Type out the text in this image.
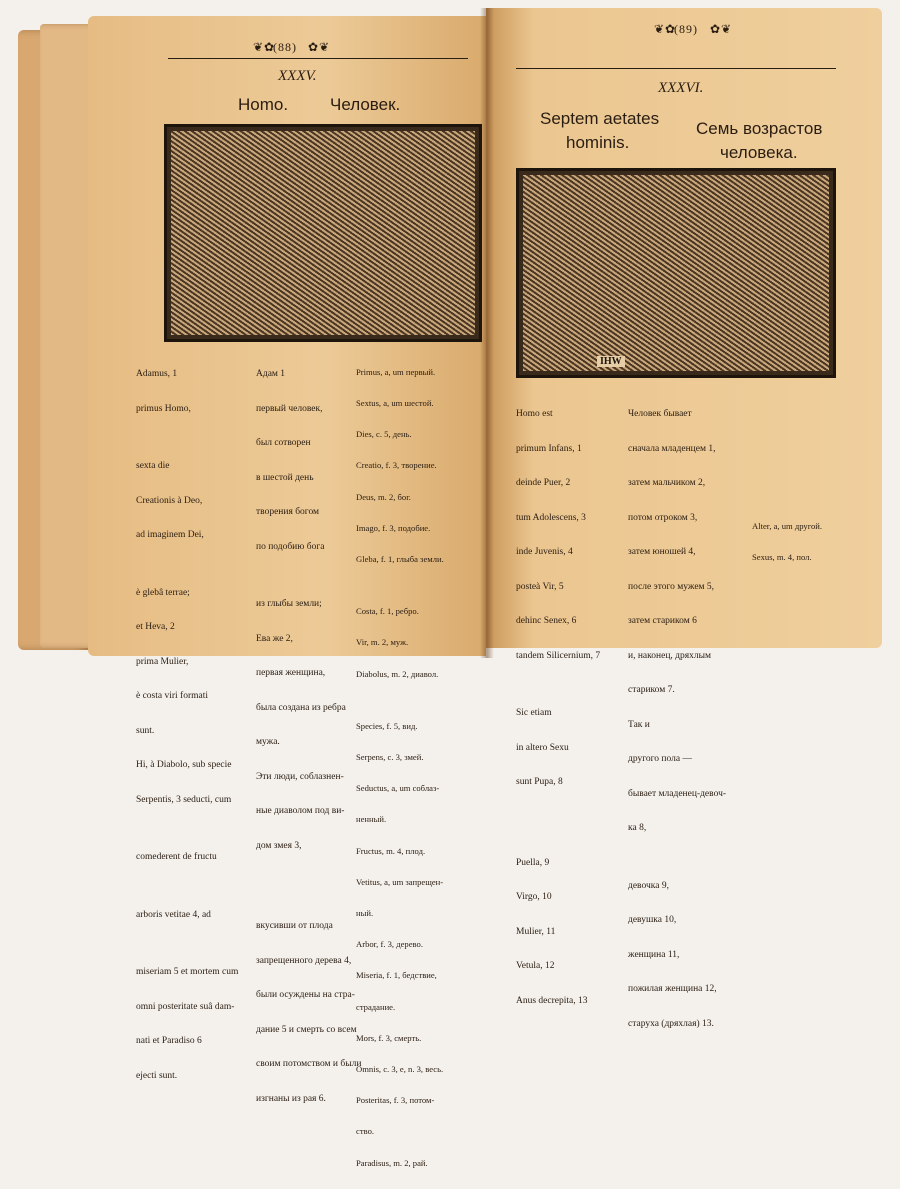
(88)
❦✿	✿❦
XXXV.
Homo. Человек.

Adamus, 1

primus Homo,

sexta die

Creationis à Deo,

ad imaginem Dei,

è glebâ terrae;

et Heva, 2

prima Mulier,

è costa viri formati

sunt.

Hi, à Diabolo, sub specie

Serpentis, 3 seducti, cum

comederent de fructu

arboris vetitae 4, ad

miseriam 5 et mortem cum

omni posteritate suâ dam-

nati et Paradiso 6

ejecti sunt.

Адам 1

первый человек,

был сотворен

в шестой день

творения богом

по подобию бога

из глыбы земли;

Ева же 2,

первая женщина,

была создана из ребра

мужа.

Эти люди, соблазнен-

ные диаволом под ви-

дом змея 3,

вкусивши от плода

запрещенного дерева 4,

были осуждены на стра-

дание 5 и смерть со всем

своим потомством и были

изгнаны из рая 6.

Primus, a, um первый.

Sextus, a, um шестой.

Dies, c. 5, день.

Creatio, f. 3, творение.

Deus, m. 2, бог.

Imago, f. 3, подобие.

Gleba, f. 1, глыба земли.

Costa, f. 1, ребро.

Vir, m. 2, муж.

Diabolus, m. 2, диавол.

Species, f. 5, вид.

Serpens, c. 3, змей.

Seductus, a, um соблаз-

ненный.

Fructus, m. 4, плод.

Vetitus, a, um запрещен-

ный.

Arbor, f. 3, дерево.

Miseria, f. 1, бедствие,

страдание.

Mors, f. 3, смерть.

Omnis, c. 3, e, n. 3, весь.

Posteritas, f. 3, потом-

ство.

Paradisus, m. 2, рай.

❦✿
(89) ✿❦
XXXVI.
Septem aetates
hominis.
Семь возрастов
человека.
IHW

Homo est

primum Infans, 1

deinde Puer, 2

tum Adolescens, 3

inde Juvenis, 4

posteà Vir, 5

dehinc Senex, 6

tandem Silicernium, 7

Sic etiam

in altero Sexu

sunt Pupa, 8

Puella, 9

Virgo, 10

Mulier, 11

Vetula, 12

Anus decrepita, 13

Человек бывает

сначала младенцем 1,

затем мальчиком 2,

потом отроком 3,

затем юношей 4,

после этого мужем 5,

затем стариком 6

и, наконец, дряхлым

стариком 7.

Так и

другого пола —

бывает младенец-девоч-

ка 8,

девочка 9,

девушка 10,

женщина 11,

пожилая женщина 12,

старуха (дряхлая) 13.

Alter, a, um другой.

Sexus, m. 4, пол.
